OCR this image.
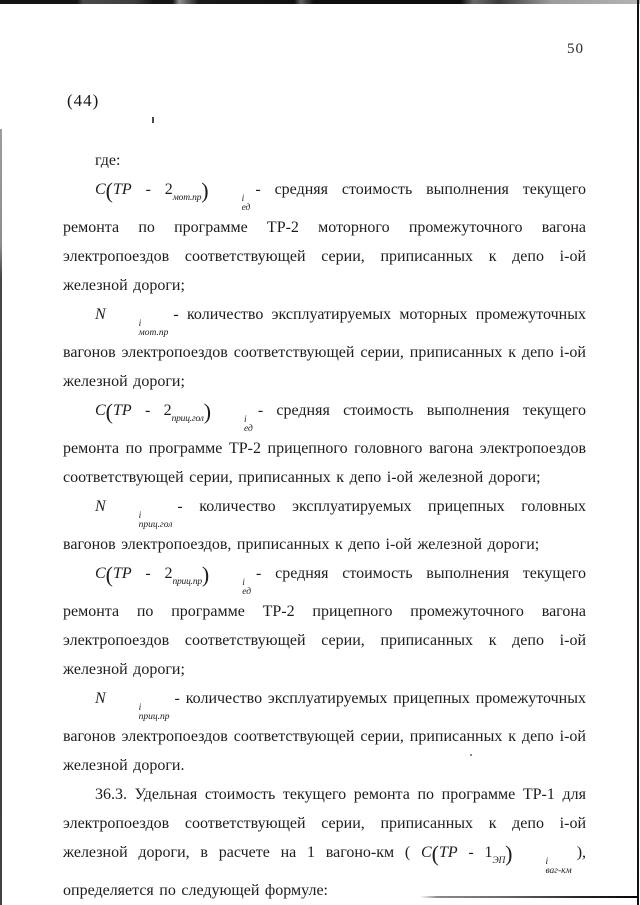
50
(44)

где:

$C(ТР - 2_{мот.пр})$	i
ед
- средняя стоимость выполнения текущего ремонта по программе ТР-2 моторного промежуточного вагона электропоездов соответствующей серии, приписанных к депо i-ой железной дороги;

N
i
мот.пр
- количество эксплуатируемых моторных промежуточных вагонов электропоездов соответствующей серии, приписанных к депо i-ой железной дороги;

$C(ТР - 2_{приц.гол})$	i
ед
- средняя стоимость выполнения текущего ремонта по программе ТР-2 прицепного головного вагона электропоездов соответствующей серии, приписанных к депо i-ой железной дороги;

N
i
приц.гол
- количество эксплуатируемых прицепных головных вагонов электропоездов, приписанных к депо i-ой железной дороги;

$C(ТР - 2_{приц.пр})$	i
ед
- средняя стоимость выполнения текущего ремонта по программе ТР-2 прицепного промежуточного вагона электропоездов соответствующей серии, приписанных к депо i-ой железной дороги;

N
i
приц.пр
- количество эксплуатируемых прицепных промежуточных вагонов электропоездов соответствующей серии, приписанных к депо i-ой железной дороги.

36.3. Удельная стоимость текущего ремонта по программе ТР-1 для электропоездов соответствующей серии, приписанных к депо i-ой железной дороги, в расчете на 1 вагоно-км ( $C(ТР - 1_{ЭП})$	i
ваг-км
), определяется по следующей формуле:
